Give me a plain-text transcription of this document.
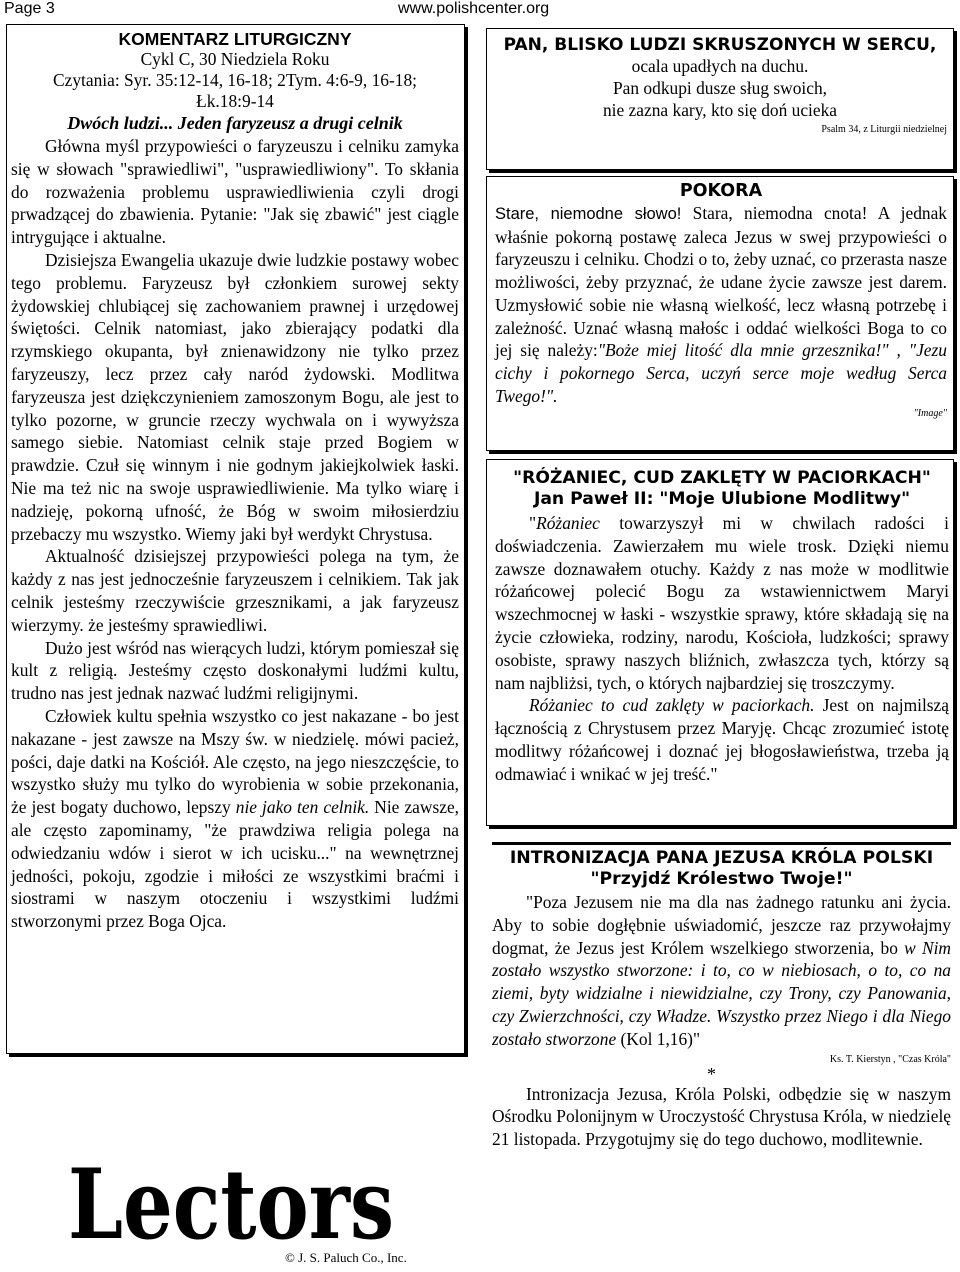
Page 3	www.polishcenter.org
KOMENTARZ LITURGICZNY
Cykl C, 30 Niedziela Roku
Czytania: Syr. 35:12-14, 16-18; 2Tym. 4:6-9, 16-18;
Łk.18:9-14
Dwóch ludzi... Jeden faryzeusz a drugi celnik

Główna myśl przypowieści o faryzeuszu i celniku zamyka się w słowach "sprawiedliwi", "usprawiedliwiony". To skłania do rozważenia problemu usprawiedliwienia czyli drogi prwadzącej do zbawienia. Pytanie: "Jak się zbawić" jest ciągle intrygujące i aktualne.

Dzisiejsza Ewangelia ukazuje dwie ludzkie postawy wobec tego problemu. Faryzeusz był członkiem surowej sekty żydowskiej chlubiącej się zachowaniem prawnej i urzędowej świętości. Celnik natomiast, jako zbierający podatki dla rzymskiego okupanta, był znienawidzony nie tylko przez faryzeuszy, lecz przez cały naród żydowski. Modlitwa faryzeusza jest dziękczynieniem zamoszonym Bogu, ale jest to tylko pozorne, w gruncie rzeczy wychwala on i wywyższa samego siebie. Natomiast celnik staje przed Bogiem w prawdzie. Czuł się winnym i nie godnym jakiejkolwiek łaski. Nie ma też nic na swoje usprawiedliwienie. Ma tylko wiarę i nadzieję, pokorną ufność, że Bóg w swoim miłosierdziu przebaczy mu wszystko. Wiemy jaki był werdykt Chrystusa.

Aktualność dzisiejszej przypowieści polega na tym, że każdy z nas jest jednocześnie faryzeuszem i celnikiem. Tak jak celnik jesteśmy rzeczywiście grzesznikami, a jak faryzeusz wierzymy. że jesteśmy sprawiedliwi.

Dużo jest wśród nas wierących ludzi, którym pomieszał się kult z religią. Jesteśmy często doskonałymi ludźmi kultu, trudno nas jest jednak nazwać ludźmi religijnymi.

Człowiek kultu spełnia wszystko co jest nakazane - bo jest nakazane - jest zawsze na Mszy św. w niedzielę. mówi pacież, pości, daje datki na Kościół. Ale często, na jego nieszczęście, to wszystko służy mu tylko do wyrobienia w sobie przekonania, że jest bogaty duchowo, lepszy nie jako ten celnik. Nie zawsze, ale często zapominamy, "że prawdziwa religia polega na odwiedzaniu wdów i sierot w ich ucisku..." na wewnętrznej jedności, pokoju, zgodzie i miłości ze wszystkimi braćmi i siostrami w naszym otoczeniu i wszystkimi ludźmi stworzonymi przez Boga Ojca.

Lectors
© J. S. Paluch Co., Inc.
PAN, BLISKO LUDZI SKRUSZONYCH W SERCU,
ocala upadłych na duchu.
Pan odkupi dusze sług swoich,
nie zazna kary, kto się doń ucieka
Psalm 34, z Liturgii niedzielnej
POKORA

Stare, niemodne słowo! Stara, niemodna cnota! A jednak właśnie pokorną postawę zaleca Jezus w swej przypowieści o faryzeuszu i celniku. Chodzi o to, żeby uznać, co przerasta nasze możliwości, żeby przyznać, że udane życie zawsze jest darem. Uzmysłowić sobie nie własną wielkość, lecz własną potrzebę i zależność. Uznać własną małośc i oddać wielkości Boga to co jej się należy:"Boże miej litość dla mnie grzesznika!" , "Jezu cichy i pokornego Serca, uczyń serce moje według Serca Twego!".

"Image"
"RÓŻANIEC, CUD ZAKLĘTY W PACIORKACH"
Jan Paweł II: "Moje Ulubione Modlitwy"

"Różaniec towarzyszył mi w chwilach radości i doświadczenia. Zawierzałem mu wiele trosk. Dzięki niemu zawsze doznawałem otuchy. Każdy z nas może w modlitwie różańcowej polecić Bogu za wstawiennictwem Maryi wszechmocnej w łaski - wszystkie sprawy, które składają się na życie człowieka, rodziny, narodu, Kościoła, ludzkości; sprawy osobiste, sprawy naszych bliźnich, zwłaszcza tych, którzy są nam najbliżsi, tych, o których najbardziej się troszczymy.

Różaniec to cud zaklęty w paciorkach. Jest on najmilszą łącznością z Chrystusem przez Maryję. Chcąc zrozumieć istotę modlitwy różańcowej i doznać jej błogosławieństwa, trzeba ją odmawiać i wnikać w jej treść."

INTRONIZACJA PANA JEZUSA KRÓLA POLSKI
"Przyjdź Królestwo Twoje!"

"Poza Jezusem nie ma dla nas żadnego ratunku ani życia. Aby to sobie dogłębnie uświadomić, jeszcze raz przywołajmy dogmat, że Jezus jest Królem wszelkiego stworzenia, bo w Nim zostało wszystko stworzone: i to, co w niebiosach, o to, co na ziemi, byty widzialne i niewidzialne, czy Trony, czy Panowania, czy Zwierzchności, czy Władze. Wszystko przez Niego i dla Niego zostało stworzone (Kol 1,16)"

Ks. T. Kierstyn , "Czas Króla"
*

Intronizacja Jezusa, Króla Polski, odbędzie się w naszym Ośrodku Polonijnym w Uroczystość Chrystusa Króla, w niedzielę 21 listopada. Przygotujmy się do tego duchowo, modlitewnie.
